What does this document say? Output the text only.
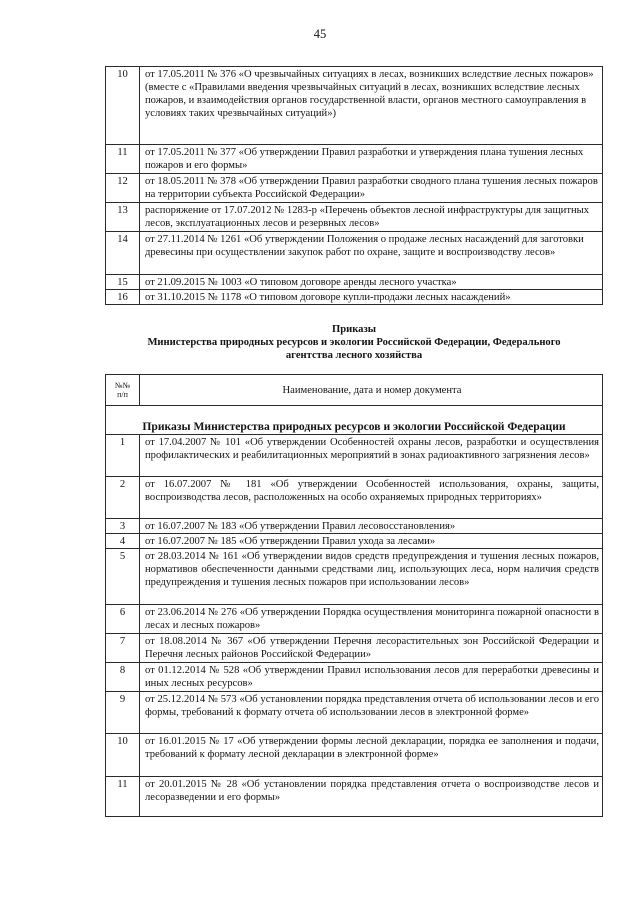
45
10	от 17.05.2011 № 376 «О чрезвычайных ситуациях в лесах, возникших вследствие лесных пожаров» (вместе с «Правилами введения чрезвычайных ситуаций в лесах, возникших вследствие лесных пожаров, и взаимодействия органов государственной власти, органов местного самоуправления в условиях таких чрезвычайных ситуаций»)
11	от 17.05.2011 № 377 «Об утверждении Правил разработки и утверждения плана тушения лесных пожаров и его формы»
12	от 18.05.2011 № 378 «Об утверждении Правил разработки сводного плана тушения лесных пожаров на территории субъекта Российской Федерации»
13	распоряжение от 17.07.2012 № 1283-р «Перечень объектов лесной инфраструктуры для защитных лесов, эксплуатационных лесов и резервных лесов»
14	от 27.11.2014 № 1261 «Об утверждении Положения о продаже лесных насаждений для заготовки древесины при осуществлении закупок работ по охране, защите и воспроизводству лесов»
15	от 21.09.2015 № 1003 «О типовом договоре аренды лесного участка»
16	от 31.10.2015 № 1178 «О типовом договоре купли-продажи лесных насаждений»
Приказы
Министерства природных ресурсов и экологии Российской Федерации, Федерального
агентства лесного хозяйства
№№
п/п	Наименование, дата и номер документа
Приказы Министерства природных ресурсов и экологии Российской Федерации	
1	от 17.04.2007 № 101 «Об утверждении Особенностей охраны лесов, разработки и осуществления профилактических и реабилитационных мероприятий в зонах радиоактивного загрязнения лесов»
2	от 16.07.2007 № 181 «Об утверждении Особенностей использования, охраны, защиты, воспроизводства лесов, расположенных на особо охраняемых природных территориях»
3	от 16.07.2007 № 183 «Об утверждении Правил лесовосстановления»
4	от 16.07.2007 № 185 «Об утверждении Правил ухода за лесами»
5	от 28.03.2014 № 161 «Об утверждении видов средств предупреждения и тушения лесных пожаров, нормативов обеспеченности данными средствами лиц, использующих леса, норм наличия средств предупреждения и тушения лесных пожаров при использовании лесов»
6	от 23.06.2014 № 276 «Об утверждении Порядка осуществления мониторинга пожарной опасности в лесах и лесных пожаров»
7	от 18.08.2014 № 367 «Об утверждении Перечня лесорастительных зон Российской Федерации и Перечня лесных районов Российской Федерации»
8	от 01.12.2014 № 528 «Об утверждении Правил использования лесов для переработки древесины и иных лесных ресурсов»
9	от 25.12.2014 № 573 «Об установлении порядка представления отчета об использовании лесов и его формы, требований к формату отчета об использовании лесов в электронной форме»
10	от 16.01.2015 № 17 «Об утверждении формы лесной декларации, порядка ее заполнения и подачи, требований к формату лесной декларации в электронной форме»
11	от 20.01.2015 № 28 «Об установлении порядка представления отчета о воспроизводстве лесов и лесоразведении и его формы»
